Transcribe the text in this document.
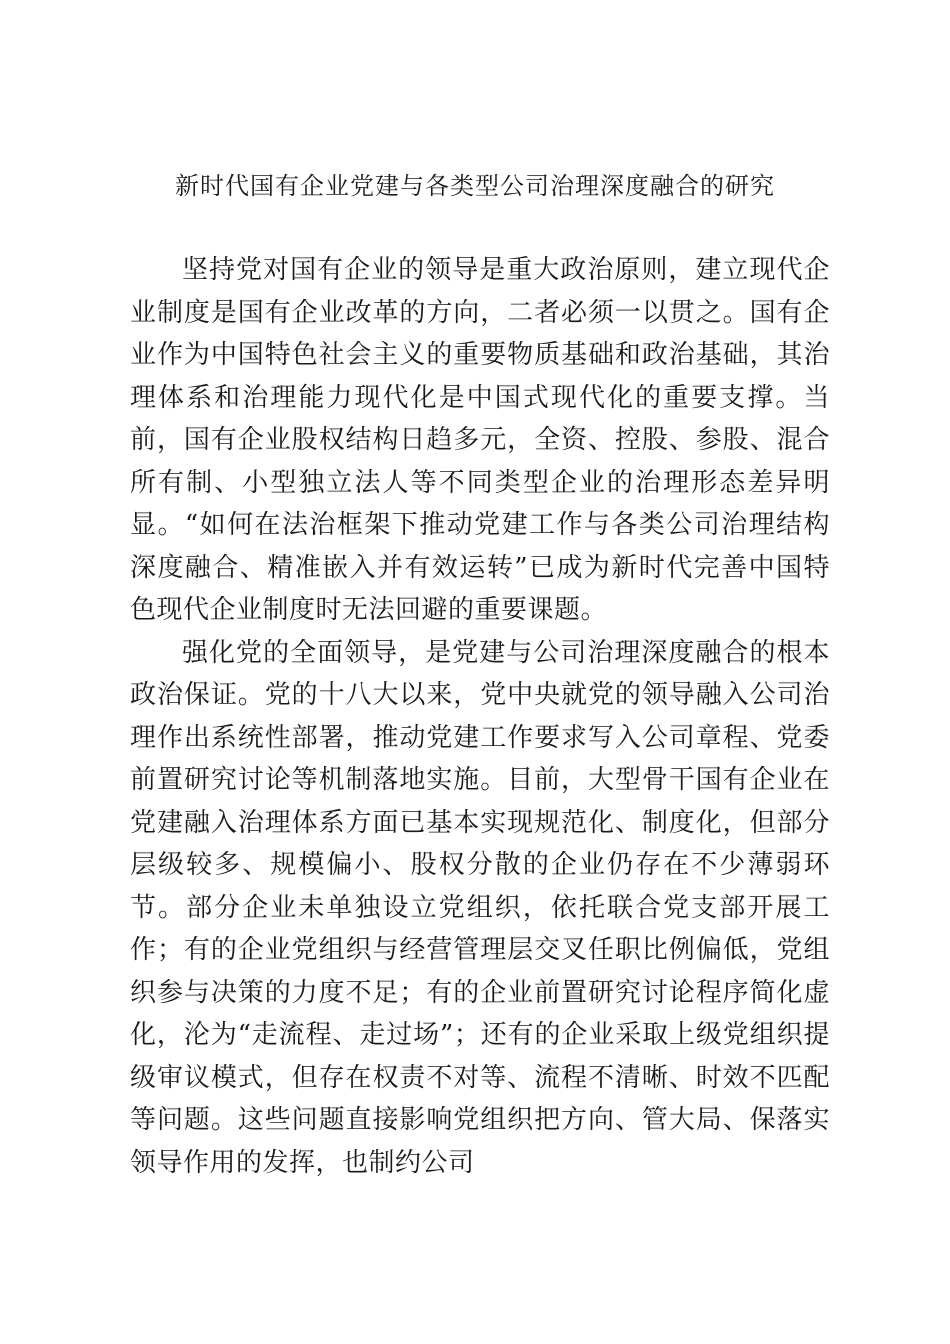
新时代国有企业党建与各类型公司治理深度融合的研究

坚持党对国有企业的领导是重大政治原则，建立现代企业制度是国有企业改革的方向，二者必须一以贯之。国有企业作为中国特色社会主义的重要物质基础和政治基础，其治理体系和治理能力现代化是中国式现代化的重要支撑。当前，国有企业股权结构日趋多元，全资、控股、参股、混合所有制、小型独立法人等不同类型企业的治理形态差异明显。“如何在法治框架下推动党建工作与各类公司治理结构深度融合、精准嵌入并有效运转”已成为新时代完善中国特色现代企业制度时无法回避的重要课题。

强化党的全面领导，是党建与公司治理深度融合的根本政治保证。党的十八大以来，党中央就党的领导融入公司治理作出系统性部署，推动党建工作要求写入公司章程、党委前置研究讨论等机制落地实施。目前，大型骨干国有企业在党建融入治理体系方面已基本实现规范化、制度化，但部分层级较多、规模偏小、股权分散的企业仍存在不少薄弱环节。部分企业未单独设立党组织，依托联合党支部开展工作；有的企业党组织与经营管理层交叉任职比例偏低，党组织参与决策的力度不足；有的企业前置研究讨论程序简化虚化，沦为“走流程、走过场”；还有的企业采取上级党组织提级审议模式，但存在权责不对等、流程不清晰、时效不匹配等问题。这些问题直接影响党组织把方向、管大局、保落实领导作用的发挥，也制约公司
